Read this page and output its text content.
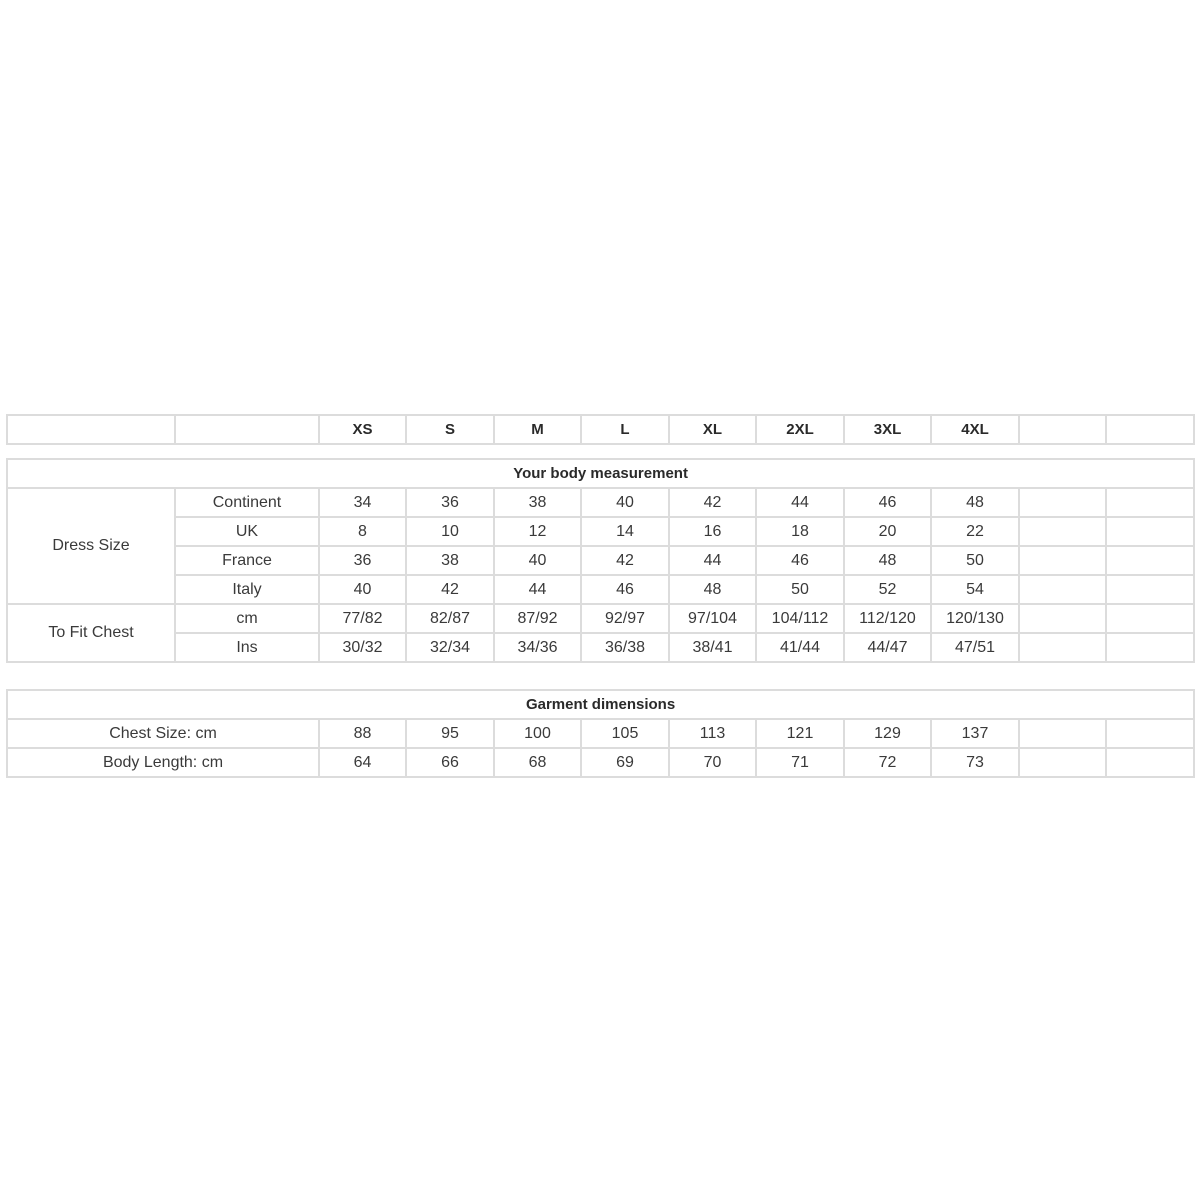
		XS	S	M	L	XL	2XL	3XL	4XL		
Your body measurement											
Dress Size	Continent	34	36	38	40	42	44	46	48		
	UK	8	10	12	14	16	18	20	22		
	France	36	38	40	42	44	46	48	50		
	Italy	40	42	44	46	48	50	52	54		
To Fit Chest	cm	77/82	82/87	87/92	92/97	97/104	104/112	112/120	120/130		
	Ins	30/32	32/34	34/36	36/38	38/41	41/44	44/47	47/51		
Garment dimensions										
Chest Size: cm	88	95	100	105	113	121	129	137		
Body Length: cm	64	66	68	69	70	71	72	73		
